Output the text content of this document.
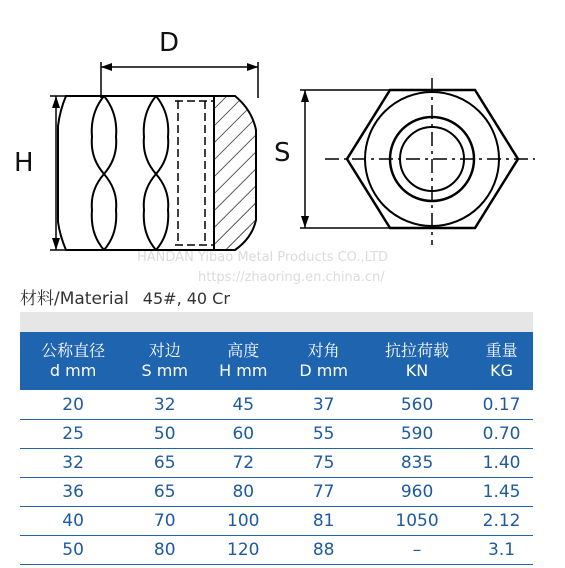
D
H	S
HANDAN Yibao Metal Products CO.,LTD
https://zhaoring.en.china.cn/
材料/Material 45#, 40 Cr
公称直径
d mm	对边
S mm	高度
H mm	对角
D mm	抗拉荷载
KN	重量
KG

20	32	45	37	560	0.17
25	50	60	55	590	0.70
32	65	72	75	835	1.40
36	65	80	77	960	1.45
40	70	100	81	1050	2.12
50	80	120	88	–	3.1
